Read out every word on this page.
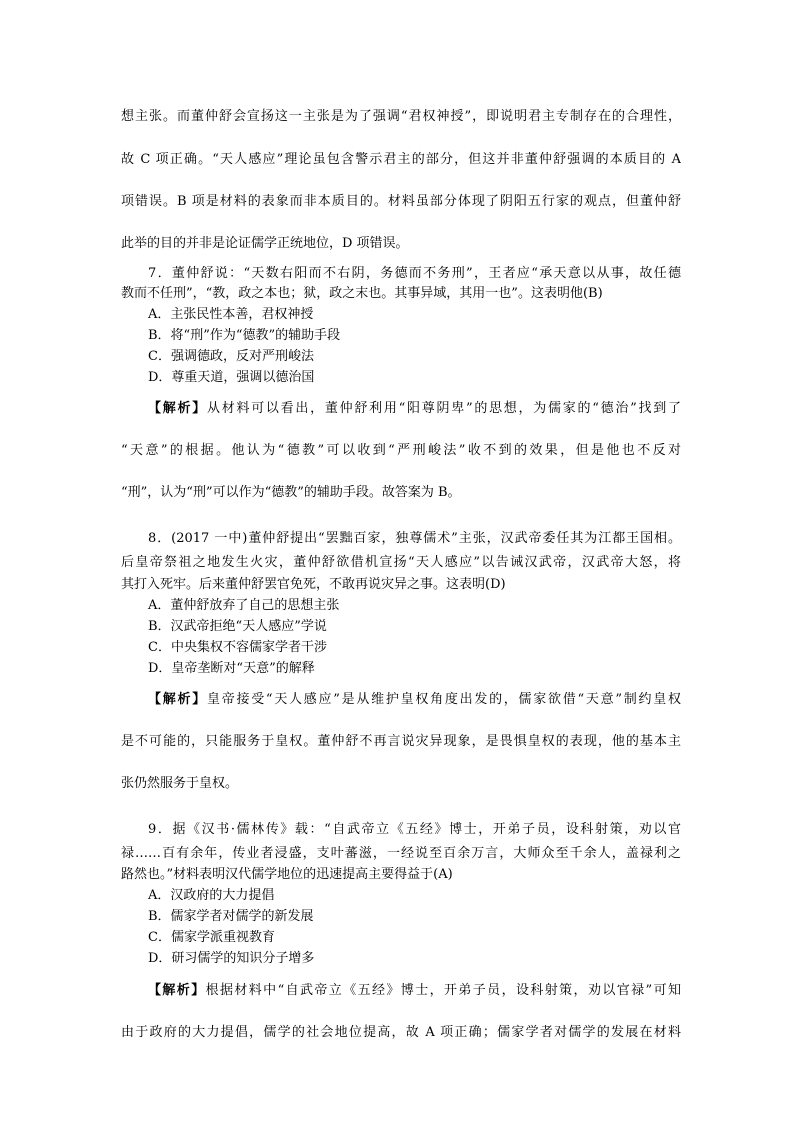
想主张。而董仲舒会宣扬这一主张是为了强调“君权神授”，即说明君主专制存在的合理性，
故 C 项正确。“天人感应”理论虽包含警示君主的部分，但这并非董仲舒强调的本质目的 A
项错误。B 项是材料的表象而非本质目的。材料虽部分体现了阴阳五行家的观点，但董仲舒
此举的目的并非是论证儒学正统地位，D 项错误。
7．董仲舒说：“天数右阳而不右阴，务德而不务刑”，王者应“承天意以从事，故任德
教而不任刑”，“教，政之本也；狱，政之末也。其事异域，其用一也”。这表明他(B)
A．主张民性本善，君权神授
B．将“刑”作为“德教”的辅助手段
C．强调德政，反对严刑峻法
D．尊重天道，强调以德治国
【解析】从材料可以看出，董仲舒利用“阳尊阴卑”的思想，为儒家的“德治”找到了
“天意”的根据。他认为“德教”可以收到“严刑峻法”收不到的效果，但是他也不反对
“刑”，认为“刑”可以作为“德教”的辅助手段。故答案为 B。
8．(2017 一中)董仲舒提出“罢黜百家，独尊儒术”主张，汉武帝委任其为江都王国相。
后皇帝祭祖之地发生火灾，董仲舒欲借机宣扬“天人感应”以告诫汉武帝，汉武帝大怒，将
其打入死牢。后来董仲舒罢官免死，不敢再说灾异之事。这表明(D)
A．董仲舒放弃了自己的思想主张
B．汉武帝拒绝“天人感应”学说
C．中央集权不容儒家学者干涉
D．皇帝垄断对“天意”的解释
【解析】皇帝接受“天人感应”是从维护皇权角度出发的，儒家欲借“天意”制约皇权
是不可能的，只能服务于皇权。董仲舒不再言说灾异现象，是畏惧皇权的表现，他的基本主
张仍然服务于皇权。
9．据《汉书·儒林传》载：“自武帝立《五经》博士，开弟子员，设科射策，劝以官
禄……百有余年，传业者浸盛，支叶蕃滋，一经说至百余万言，大师众至千余人，盖禄利之
路然也。”材料表明汉代儒学地位的迅速提高主要得益于(A)
A．汉政府的大力提倡
B．儒家学者对儒学的新发展
C．儒家学派重视教育
D．研习儒学的知识分子增多
【解析】根据材料中“自武帝立《五经》博士，开弟子员，设科射策，劝以官禄”可知
由于政府的大力提倡，儒学的社会地位提高，故 A 项正确；儒家学者对儒学的发展在材料
